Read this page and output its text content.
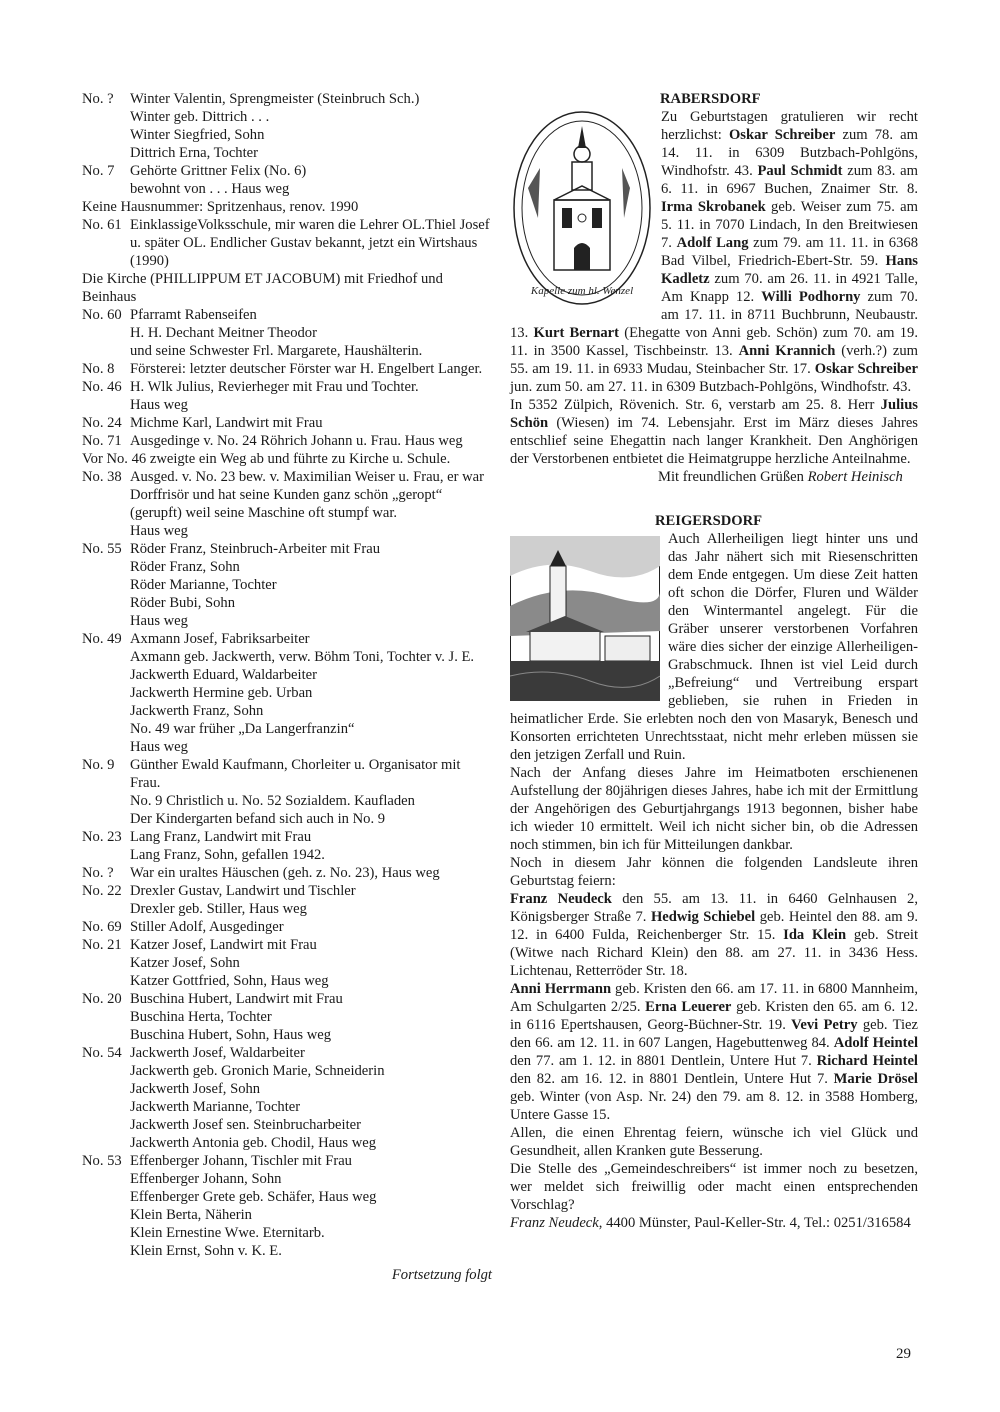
No. ?	Winter Valentin, Sprengmeister (Steinbruch Sch.)
Winter geb. Dittrich . . .
Winter Siegfried, Sohn
Dittrich Erna, Tochter
No. 7	Gehörte Grittner Felix (No. 6)
bewohnt von . . . Haus weg
Keine Hausnummer: Spritzenhaus, renov. 1990
No. 61 EinklassigeVolksschule, mir waren die Lehrer OL.Thiel Josef u. später OL. Endlicher Gustav bekannt, jetzt ein Wirtshaus (1990)
Die Kirche (PHILLIPPUM ET JACOBUM) mit Friedhof und Beinhaus
No. 60 Pfarramt Rabenseifen
H. H. Dechant Meitner Theodor
und seine Schwester Frl. Margarete, Haushälterin.
No. 8	Försterei: letzter deutscher Förster war H. Engelbert Langer.
No. 46 H. Wlk Julius, Revierheger mit Frau und Tochter.
Haus weg
No. 24 Michme Karl, Landwirt mit Frau
No. 71 Ausgedinge v. No. 24 Röhrich Johann u. Frau. Haus weg
Vor No. 46 zweigte ein Weg ab und führte zu Kirche u. Schule.
No. 38 Ausged. v. No. 23 bew. v. Maximilian Weiser u. Frau, er war Dorffrisör und hat seine Kunden ganz schön „geropt“ (gerupft) weil seine Maschine oft stumpf war.
Haus weg
No. 55 Röder Franz, Steinbruch-Arbeiter mit Frau
Röder Franz, Sohn
Röder Marianne, Tochter
Röder Bubi, Sohn
Haus weg
No. 49 Axmann Josef, Fabriksarbeiter
Axmann geb. Jackwerth, verw. Böhm Toni, Tochter v. J. E.
Jackwerth Eduard, Waldarbeiter
Jackwerth Hermine geb. Urban
Jackwerth Franz, Sohn
No. 49 war früher „Da Langerfranzin“
Haus weg
No. 9	Günther Ewald Kaufmann, Chorleiter u. Organisator mit Frau.
No. 9 Christlich u. No. 52 Sozialdem. Kaufladen
Der Kindergarten befand sich auch in No. 9
No. 23 Lang Franz, Landwirt mit Frau
Lang Franz, Sohn, gefallen 1942.
No. ?	War ein uraltes Häuschen (geh. z. No. 23), Haus weg
No. 22 Drexler Gustav, Landwirt und Tischler
Drexler geb. Stiller, Haus weg
No. 69 Stiller Adolf, Ausgedinger
No. 21 Katzer Josef, Landwirt mit Frau
Katzer Josef, Sohn
Katzer Gottfried, Sohn, Haus weg
No. 20 Buschina Hubert, Landwirt mit Frau
Buschina Herta, Tochter
Buschina Hubert, Sohn, Haus weg
No. 54 Jackwerth Josef, Waldarbeiter
Jackwerth geb. Gronich Marie, Schneiderin
Jackwerth Josef, Sohn
Jackwerth Marianne, Tochter
Jackwerth Josef sen. Steinbrucharbeiter
Jackwerth Antonia geb. Chodil, Haus weg
No. 53 Effenberger Johann, Tischler mit Frau
Effenberger Johann, Sohn
Effenberger Grete geb. Schäfer, Haus weg
Klein Berta, Näherin
Klein Ernestine Wwe. Eternitarb.
Klein Ernst, Sohn v. K. E.
Fortsetzung folgt
RABERSDORF
Kapelle zum hl. Wenzel
Zu Geburtstagen gratulieren wir recht herzlichst: Oskar Schreiber zum 78. am 14. 11. in 6309 Butzbach-Pohlgöns, Windhofstr. 43. Paul Schmidt zum 83. am 6. 11. in 6967 Buchen, Znaimer Str. 8. Irma Skrobanek geb. Weiser zum 75. am 5. 11. in 7070 Lindach, In den Breitwiesen 7. Adolf Lang zum 79. am 11. 11. in 6368 Bad Vilbel, Friedrich-Ebert-Str. 59. Hans Kadletz zum 70. am 26. 11. in 4921 Talle, Am Knapp 12. Willi Podhorny zum 70. am 17. 11. in 8711 Buchbrunn, Neubaustr. 13. Kurt Bernart (Ehegatte von Anni geb. Schön) zum 70. am 19. 11. in 3500 Kassel, Tischbeinstr. 13. Anni Krannich (verh.?) zum 55. am 19. 11. in 6933 Mudau, Steinbacher Str. 17. Oskar Schreiber jun. zum 50. am 27. 11. in 6309 Butzbach-Pohlgöns, Windhofstr. 43.
In 5352 Zülpich, Rövenich. Str. 6, verstarb am 25. 8. Herr Julius Schön (Wiesen) im 74. Lebensjahr. Erst im März dieses Jahres entschlief seine Ehegattin nach langer Krankheit. Den Anghörigen der Verstorbenen entbietet die Heimatgruppe herzliche Anteilnahme.
Mit freundlichen Grüßen Robert Heinisch
REIGERSDORF
Auch Allerheiligen liegt hinter uns und das Jahr nähert sich mit Riesenschritten dem Ende entgegen. Um diese Zeit hatten oft schon die Dörfer, Fluren und Wälder den Wintermantel angelegt. Für die Gräber unserer verstorbenen Vorfahren wäre dies sicher der einzige Allerheiligen-Grabschmuck. Ihnen ist viel Leid durch „Befreiung“ und Vertreibung erspart geblieben, sie ruhen in Frieden in heimatlicher Erde. Sie erlebten noch den von Masaryk, Benesch und Konsorten errichteten Unrechtsstaat, nicht mehr erleben müssen sie den jetzigen Zerfall und Ruin.
Nach der Anfang dieses Jahre im Heimatboten erschienenen Aufstellung der 80jährigen dieses Jahres, habe ich mit der Ermittlung der Angehörigen des Geburtjahrgangs 1913 begonnen, bisher habe ich wieder 10 ermittelt. Weil ich nicht sicher bin, ob die Adressen noch stimmen, bin ich für Mitteilungen dankbar.
Noch in diesem Jahr können die folgenden Landsleute ihren Geburtstag feiern:
Franz Neudeck den 55. am 13. 11. in 6460 Gelnhausen 2, Königsberger Straße 7. Hedwig Schiebel geb. Heintel den 88. am 9. 12. in 6400 Fulda, Reichenberger Str. 15. Ida Klein geb. Streit (Witwe nach Richard Klein) den 88. am 27. 11. in 3436 Hess. Lichtenau, Retterröder Str. 18.
Anni Herrmann geb. Kristen den 66. am 17. 11. in 6800 Mannheim, Am Schulgarten 2/25. Erna Leuerer geb. Kristen den 65. am 6. 12. in 6116 Epertshausen, Georg-Büchner-Str. 19. Vevi Petry geb. Tiez den 66. am 12. 11. in 607 Langen, Hagebuttenweg 84. Adolf Heintel den 77. am 1. 12. in 8801 Dentlein, Untere Hut 7. Richard Heintel den 82. am 16. 12. in 8801 Dentlein, Untere Hut 7. Marie Drösel geb. Winter (von Asp. Nr. 24) den 79. am 8. 12. in 3588 Homberg, Untere Gasse 15.
Allen, die einen Ehrentag feiern, wünsche ich viel Glück und Gesundheit, allen Kranken gute Besserung.
Die Stelle des „Gemeindeschreibers“ ist immer noch zu besetzen, wer meldet sich freiwillig oder macht einen entsprechenden Vorschlag?
Franz Neudeck, 4400 Münster, Paul-Keller-Str. 4, Tel.: 0251/316584
29
